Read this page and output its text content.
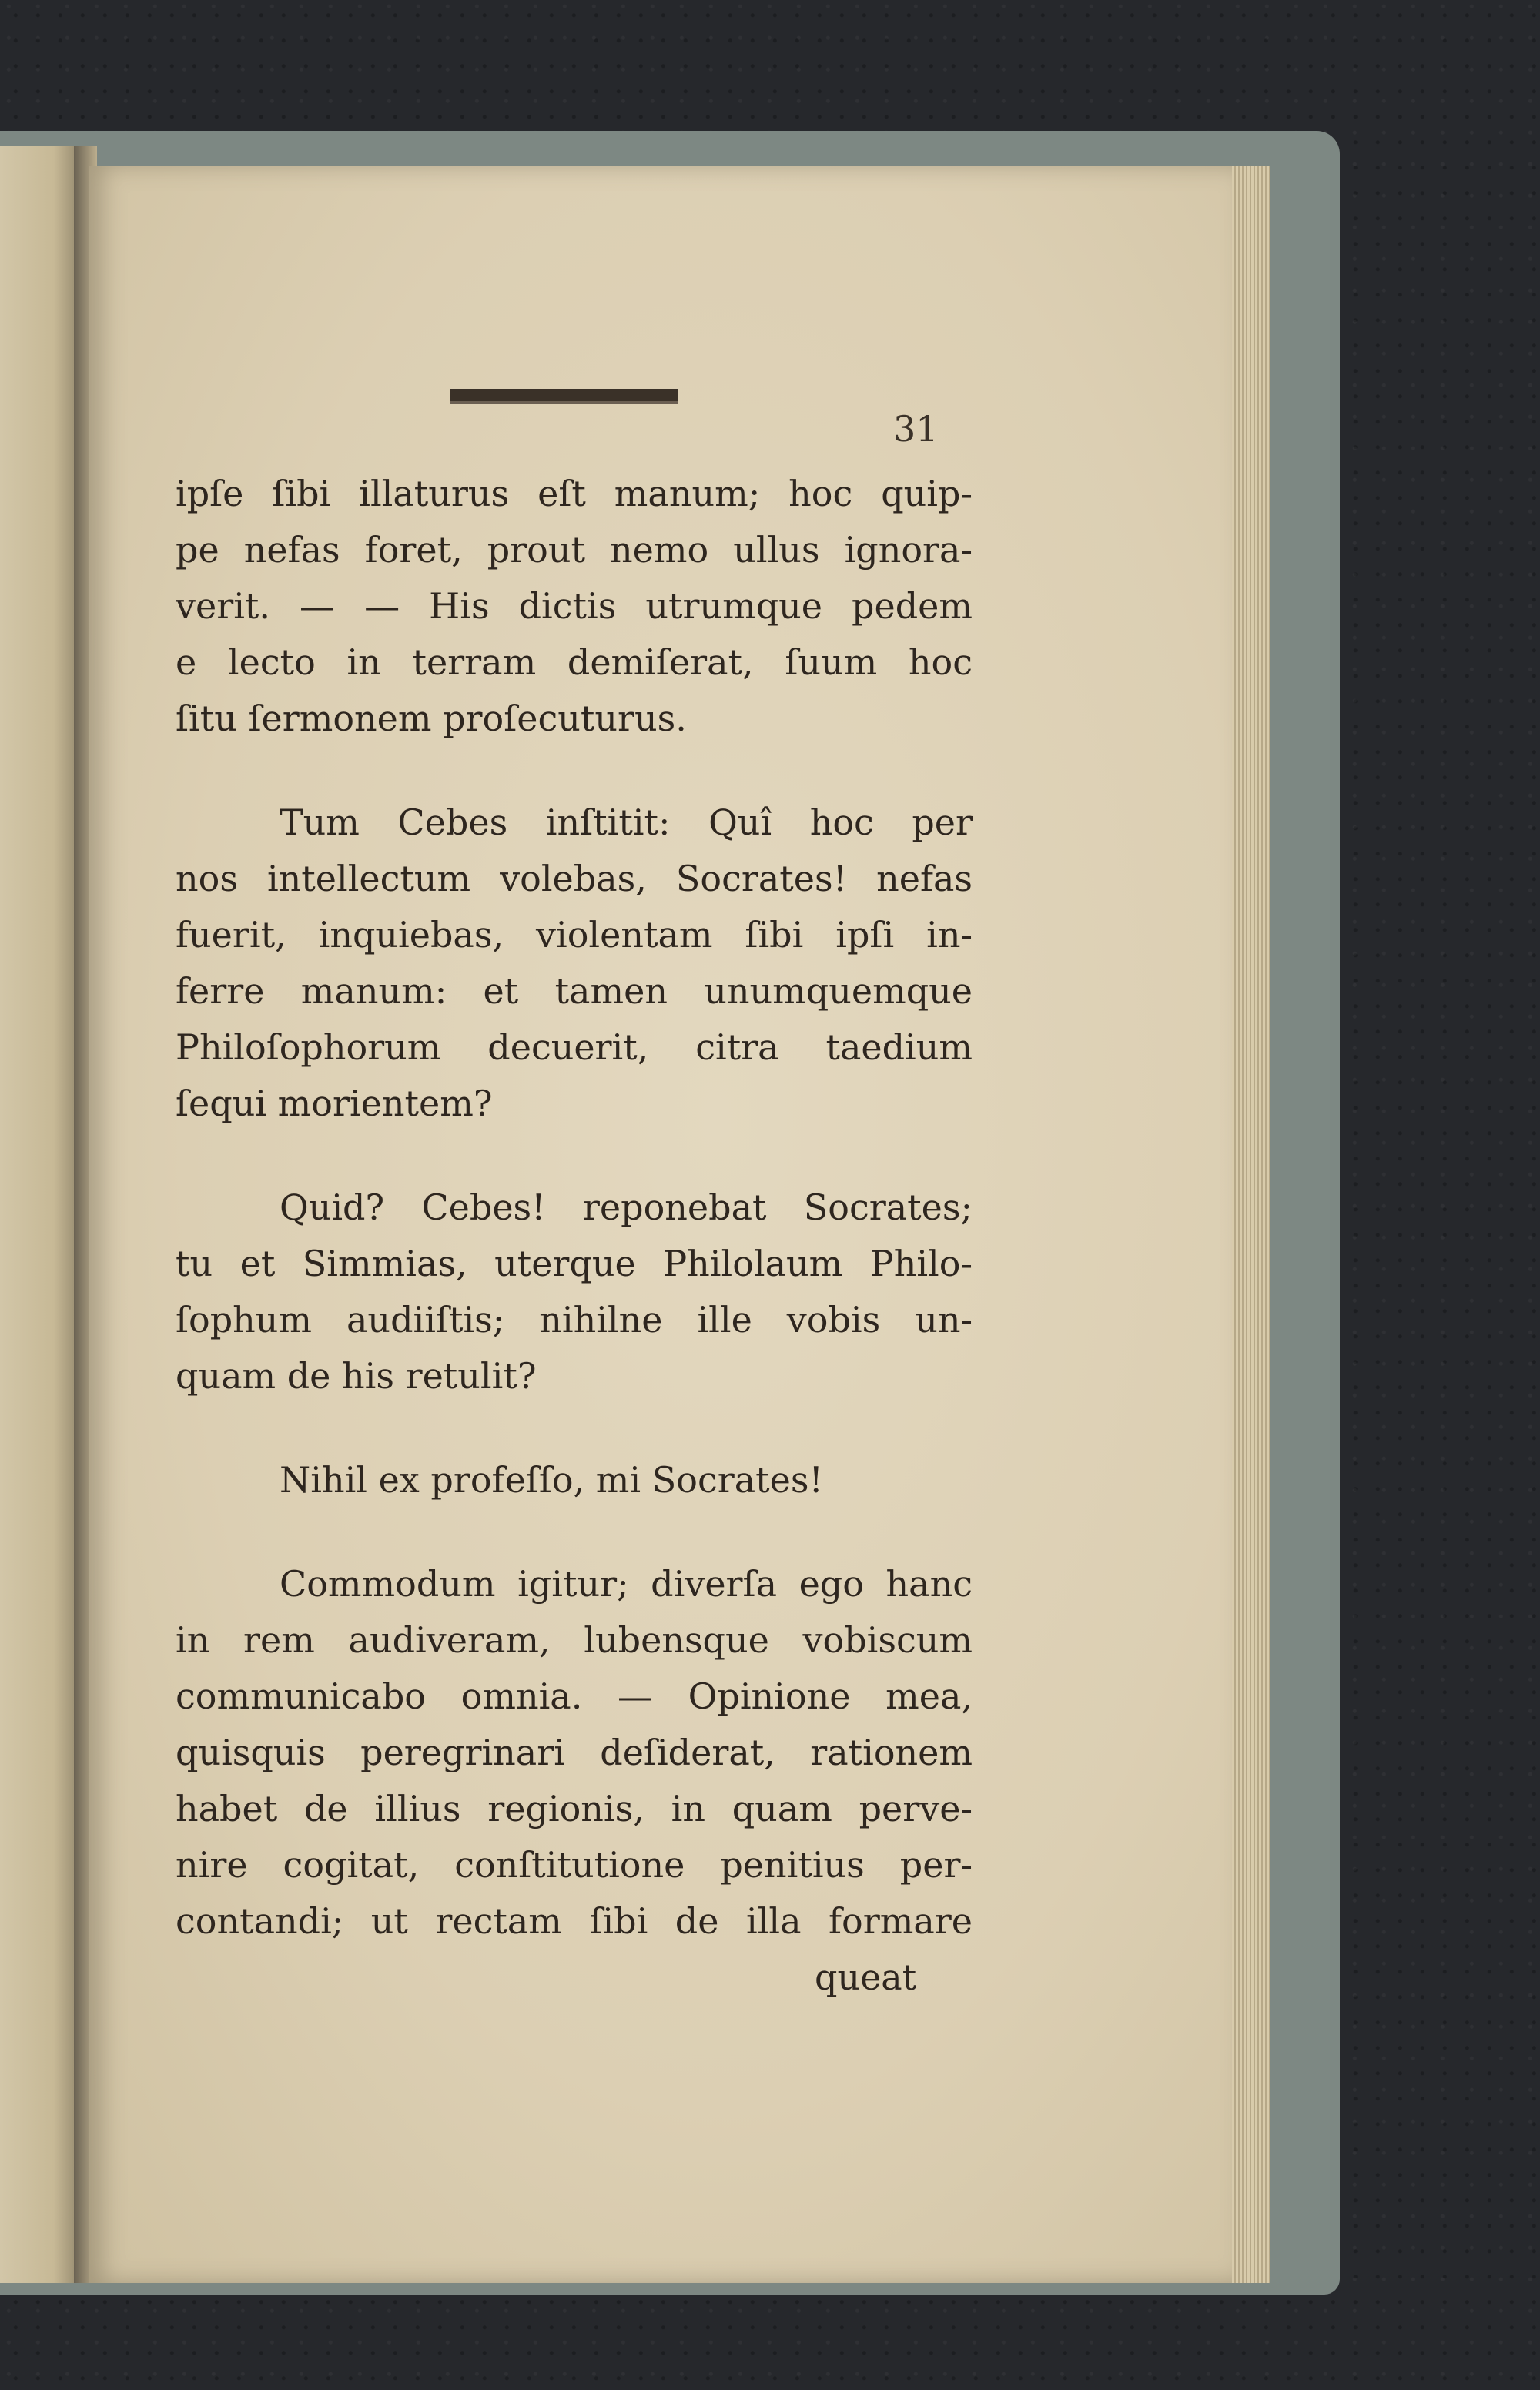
31
ipſe ſibi illaturus eſt manum; hoc quip-
pe nefas foret, prout nemo ullus ignora-
verit. — — His dictis utrumque pedem
e lecto in terram demiſerat, ſuum hoc
ſitu ſermonem proſecuturus.
Tum Cebes inſtitit: Quî hoc per
nos intellectum volebas, Socrates! nefas
fuerit, inquiebas, violentam ſibi ipſi in-
ferre manum: et tamen unumquemque
Philoſophorum decuerit, citra taedium
ſequi morientem?
Quid? Cebes! reponebat Socrates;
tu et Simmias, uterque Philolaum Philo-
ſophum audiiſtis; nihilne ille vobis un-
quam de his retulit?
Nihil ex profeſſo, mi Socrates!
Commodum igitur; diverſa ego hanc
in rem audiveram, lubensque vobiscum
communicabo omnia. — Opinione mea,
quisquis peregrinari deſiderat, rationem
habet de illius regionis, in quam perve-
nire cogitat, conſtitutione penitius per-
contandi; ut rectam ſibi de illa formare
queat
